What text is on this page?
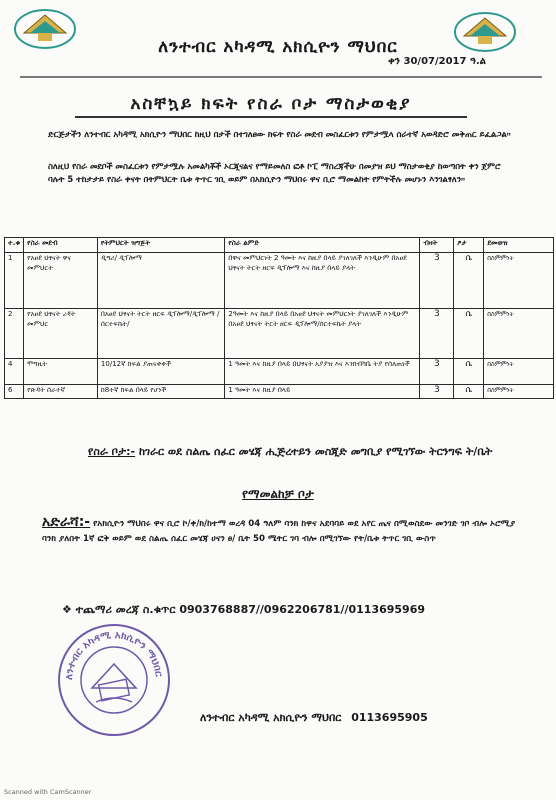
ለንተብር አካዳሚ አክሲዮን ማህበር
ቀን 30/07/2017 ዓ.ል
አስቸኳይ ክፍት የስራ ቦታ ማስታወቂያ
ድርጅታችን ለንተብር አካዳሚ አክሲዮን ማህበር ከዚህ በታች በተገለፀው ክፍት የስራ መደብ መስፈርቱን የምታሟላ ሰራተኛ አወዳድሮ መቅጠር ይፈልጋል።
ስለዚህ የስራ መደቦች መስፈርቱን የምታሟሉ አመልካቾች ኦርጂናልና የማይመለስ ፎቶ ኮፒ ማስረጃችሁ በመያዝ ይህ ማስታወቂያ ከወጣበት ቀን ጀምሮ ባሉት 5 ተከታታይ የስራ ቀናት በትምህርት ቤቱ ትጥር ገቢ ወይም በአክሲዮን ማህበሩ ዋና ቢሮ ማመልከት የምትችሉ መሆኑን እንገልፃለን።
ተ.ቁ	የስራ መደብ	የትምህርት ዝግጅት	የስራ ልምድ	ብዛት	ፆታ	ደመወዝ
1	የአፀደ ህፃናት ዋና መምህርት	ዲግሪ/ ዲፕሎማ	በዋና መምህርነት 2 ዓመት እና ከዚያ በላይ ያገለገለች እንዲሁም በአፀደ ህፃናት ትርት ዘርፍ ዲፕሎማ እና ከዚያ በላይ ያላት	3	ሴ	በስምምነት
2	የአፀደ ህፃናት ረዳት መምህር	በአፀደ ህፃናት ትርት ዘርፍ ዲፕሎማ/ዲፕሎማ /ሰርተፍኬት/	2ዓመት እና ከዚያ በላይ በአፀደ ህፃናት መምህርነት ያገለገለች እንዲሁም በአፀደ ህፃናት ትርት ዘርፍ ዲፕሎማ/ሰርተፍኬት ያላት	3	ሴ	በስምምነት
4	ሞግዚት	10/12ኛ ክፍል ያጠናቀቀች	1 ዓመት እና ከዚያ በላይ በህፃናት አያያዝ እና እንክብካቤ ትያ የሰለጠነች	3	ሴ	በስምምነት
6	የጽዳት ሰራተኛ	ከ8ተኛ ክፍል በላይ የሆነች	1 ዓመት እና ከዚያ በላይ	3	ሴ	በስምምነት
የስራ ቦታ:- ከገራር ወደ ስልጤ ሰፈር መሄጃ ሒጅረተይን መስጂድ መግቢያ የሚገኘው ትርንግፍ ት/ቤት
የማመልከቻ ቦታ
አድራሻ:- የአክሲዮን ማህበሩ ዋና ቢሮ ኮ/ቀ/ክ/ከተማ ወረዳ 04 ዓለም ባንክ ከዋና አደባባይ ወደ አየር ጤና በሚወስደው መንገድ ገቦ ብሎ ኦሮሚያ ባንክ ያለበት 1ኛ ፎቅ ወይም ወደ ስልጤ ሰፈር መሄጃ ሀናን ፀ/ ቤት 50 ሜትር ገባ ብሎ በሚገኘው የት/ቤቱ ትጥር ገቢ ውስጥ
❖ ተጨማሪ መረጃ ስ.ቁጥር 0903768887//0962206781//0113695969
ለንተብር አካዳሚ አክሲዮን ማህበር
ለንተብር አካዳሚ አክሲዮን ማህበር 0113695905
Scanned with CamScanner
